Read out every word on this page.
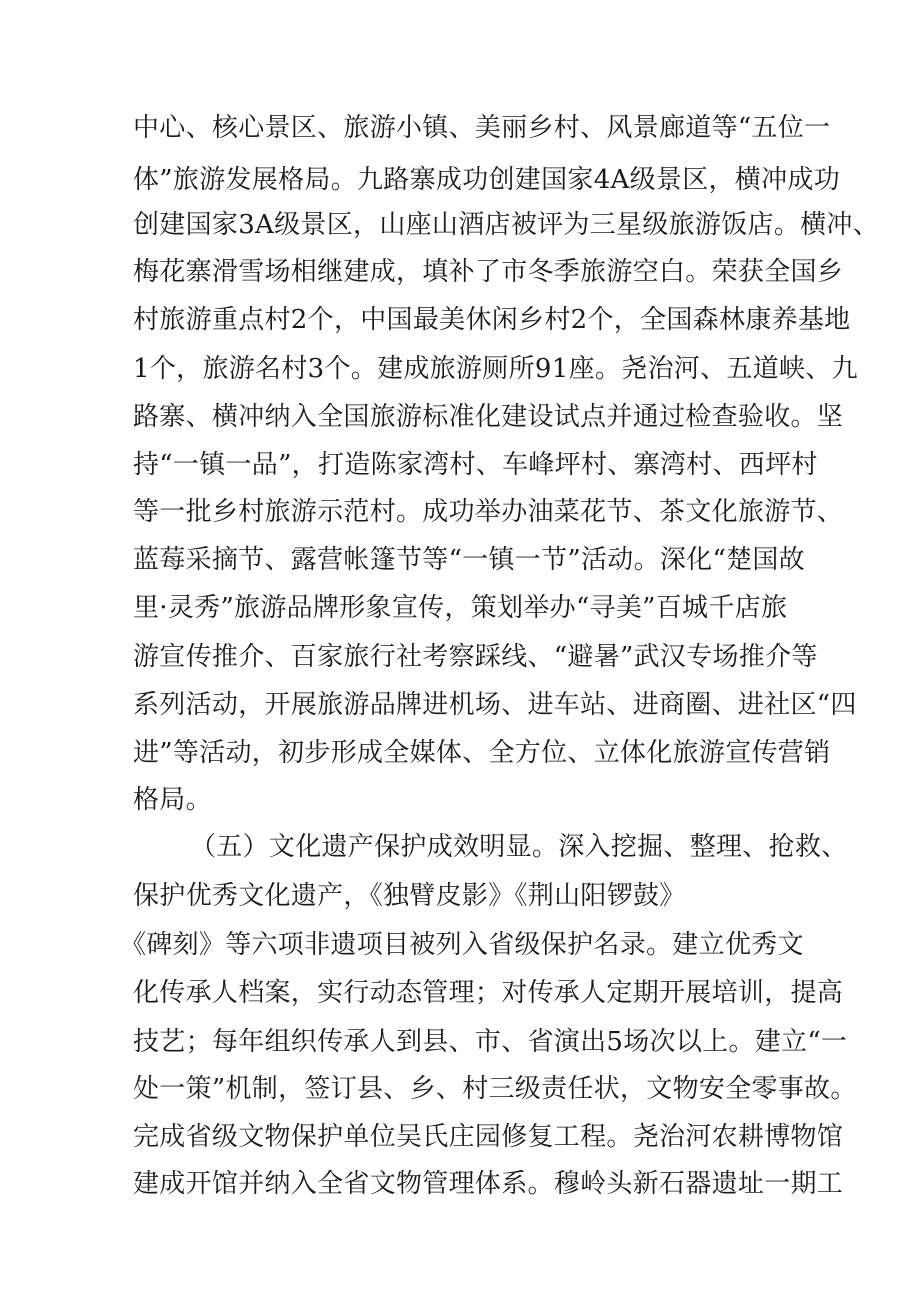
中心、核心景区、旅游小镇、美丽乡村、风景廊道等“五位一
体”旅游发展格局。九路寨成功创建国家4A级景区，横冲成功
创建国家3A级景区，山座山酒店被评为三星级旅游饭店。横冲、
梅花寨滑雪场相继建成，填补了市冬季旅游空白。荣获全国乡
村旅游重点村2个，中国最美休闲乡村2个，全国森林康养基地
1个，旅游名村3个。建成旅游厕所91座。尧治河、五道峡、九
路寨、横冲纳入全国旅游标准化建设试点并通过检查验收。坚
持“一镇一品”，打造陈家湾村、车峰坪村、寨湾村、西坪村
等一批乡村旅游示范村。成功举办油菜花节、茶文化旅游节、
蓝莓采摘节、露营帐篷节等“一镇一节”活动。深化“楚国故
里·灵秀”旅游品牌形象宣传，策划举办“寻美”百城千店旅
游宣传推介、百家旅行社考察踩线、“避暑”武汉专场推介等
系列活动，开展旅游品牌进机场、进车站、进商圈、进社区“四
进”等活动，初步形成全媒体、全方位、立体化旅游宣传营销
格局。
（五）文化遗产保护成效明显。深入挖掘、整理、抢救、
保护优秀文化遗产，《独臂皮影》《荆山阳锣鼓》
《碑刻》等六项非遗项目被列入省级保护名录。建立优秀文
化传承人档案，实行动态管理；对传承人定期开展培训，提高
技艺；每年组织传承人到县、市、省演出5场次以上。建立“一
处一策”机制，签订县、乡、村三级责任状，文物安全零事故。
完成省级文物保护单位吴氏庄园修复工程。尧治河农耕博物馆
建成开馆并纳入全省文物管理体系。穆岭头新石器遗址一期工
